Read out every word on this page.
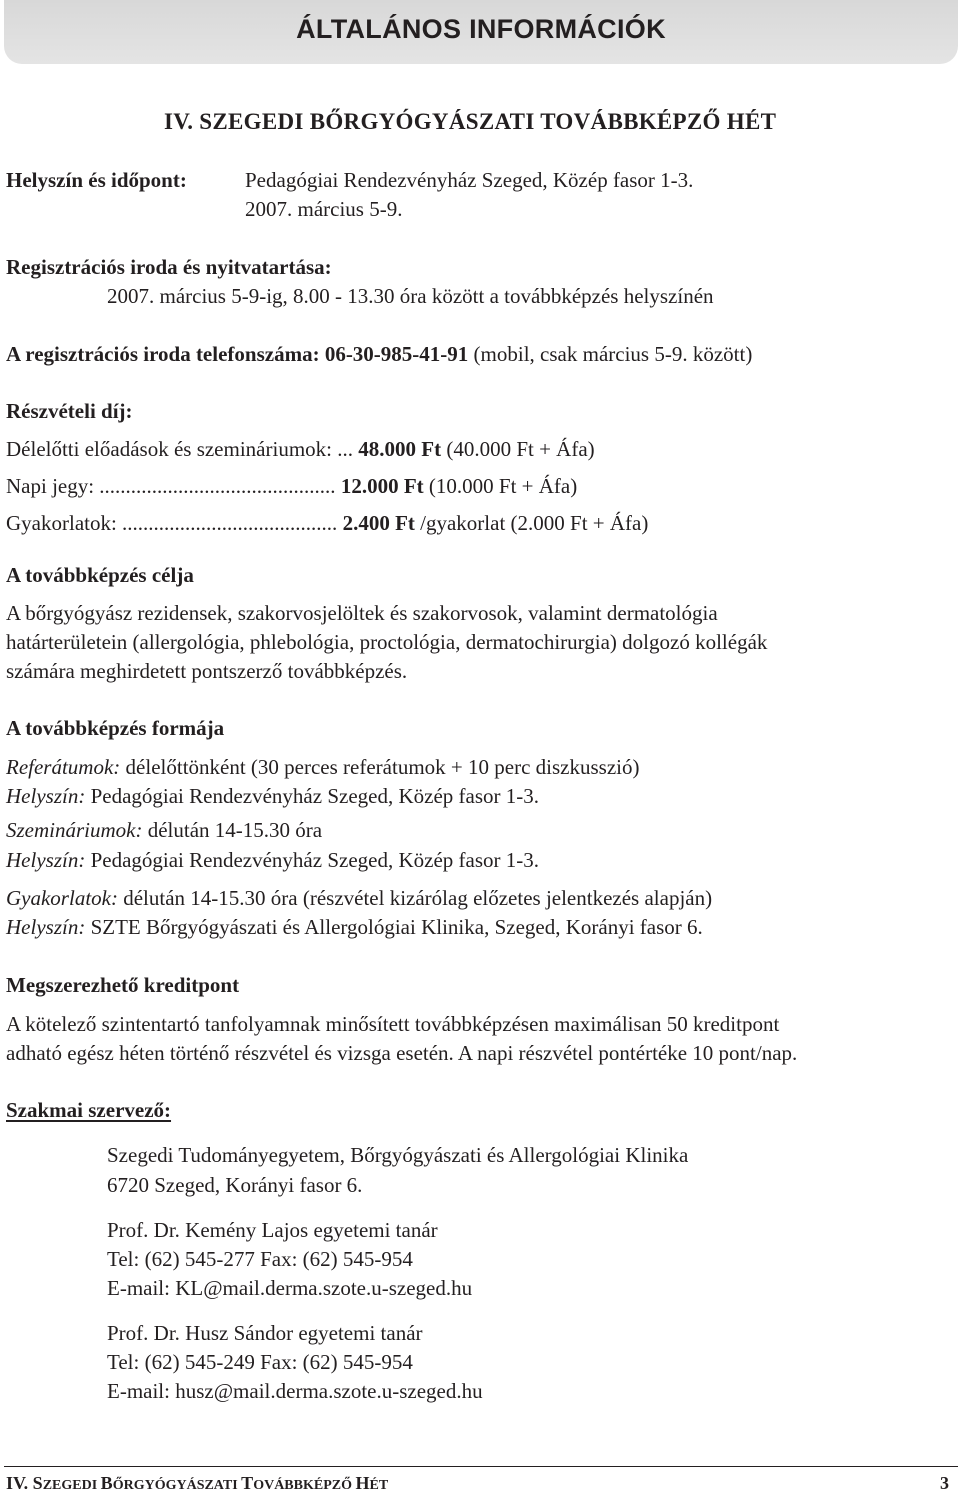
ÁLTALÁNOS INFORMÁCIÓK
IV. SZEGEDI BŐRGYÓGYÁSZATI TOVÁBBKÉPZŐ HÉT
Helyszín és időpont:	Pedagógiai Rendezvényház Szeged, Közép fasor 1-3.
2007. március 5-9.
Regisztrációs iroda és nyitvatartása:
2007. március 5-9-ig, 8.00 - 13.30 óra között a továbbképzés helyszínén
A regisztrációs iroda telefonszáma: 06-30-985-41-91 (mobil, csak március 5-9. között)
Részvételi díj:
Délelőtti előadások és szemináriumok: ... 48.000 Ft (40.000 Ft + Áfa)
Napi jegy: ............................................. 12.000 Ft (10.000 Ft + Áfa)
Gyakorlatok: ......................................... 2.400 Ft /gyakorlat (2.000 Ft + Áfa)
A továbbképzés célja
A bőrgyógyász rezidensek, szakorvosjelöltek és szakorvosok, valamint dermatológia
határterületein (allergológia, phlebológia, proctológia, dermatochirurgia) dolgozó kollégák
számára meghirdetett pontszerző továbbképzés.
A továbbképzés formája
Referátumok: délelőttönként (30 perces referátumok + 10 perc diszkusszió)
Helyszín: Pedagógiai Rendezvényház Szeged, Közép fasor 1-3.
Szemináriumok: délután 14-15.30 óra
Helyszín: Pedagógiai Rendezvényház Szeged, Közép fasor 1-3.
Gyakorlatok: délután 14-15.30 óra (részvétel kizárólag előzetes jelentkezés alapján)
Helyszín: SZTE Bőrgyógyászati és Allergológiai Klinika, Szeged, Korányi fasor 6.
Megszerezhető kreditpont
A kötelező szintentartó tanfolyamnak minősített továbbképzésen maximálisan 50 kreditpont
adható egész héten történő részvétel és vizsga esetén. A napi részvétel pontértéke 10 pont/nap.
Szakmai szervező:
Szegedi Tudományegyetem, Bőrgyógyászati és Allergológiai Klinika
6720 Szeged, Korányi fasor 6.
Prof. Dr. Kemény Lajos egyetemi tanár
Tel: (62) 545-277 Fax: (62) 545-954
E-mail: KL@mail.derma.szote.u-szeged.hu
Prof. Dr. Husz Sándor egyetemi tanár
Tel: (62) 545-249 Fax: (62) 545-954
E-mail: husz@mail.derma.szote.u-szeged.hu
IV. SZEGEDI BŐRGYÓGYÁSZATI TOVÁBBKÉPZŐ HÉT	3
